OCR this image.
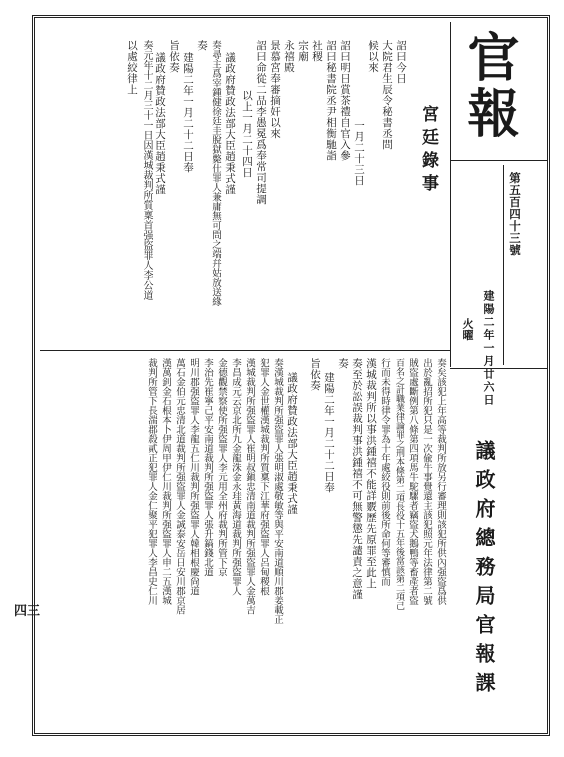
官報
第五百四十三號
建陽二年一月廿六日
火曜
議政府總務局官報課
宮廷錄事
詔曰今日
大院君生辰令秘書丞問
候以來
一月二十三日
詔曰明日賞茶禮自官入參
詔曰秘書院丞尹相衡馳詣
社稷
宗廟
永禧殿
景慕宮奉審摘奸以來
詔曰命從二品李愚冕爲奉常司提調
以上一月二十四日
議政府贊政法部大臣趙秉式謹
奏尋主爲宰鍾健徐廷圭脫獄斃仕罪人兼庸無可問之端幷姑放送緣
奏
建陽二年一月二十二日奉
旨依奏
議政府贊政法部大臣趙秉式謹
奏元年十二月三十一日因漢城裁判所質稟首强盜罪人李公道
以處絞律上
奏矣該犯上年高等裁判所放另行審理則該犯所供內强盜爲供
出於亂招所犯只是一次偸牛事覺還主該犯照元年法律第二號
賊盜處斷例第八條第四項馬牛駝騾者竊盜犬鵝鴨等畜產者盜
百名之計職業律論罪之刑本條第二項長役十五年後當該第二項己
行而未得時律令罪為十年處絞役則前後所命何等審慎而
漢城裁判所以事洪鍾禧不能詳覈歷先原罪至此上
奏至於訟誤裁判事洪鍾禧不可無警懲先譴責之意謹
奏
建陽二年一月二十二日奉
旨依奏
議政府贊政法部大臣趙秉式謹
奏漢城裁判所强盜罪人張明淑處敬敏等與平安南道順川郡姜載正
犯罪人金世權漢城裁判所質稟下江華府强盜罪人呂甸稷根
漢城裁判所强盜罪人崔明叔鎭忠清南道裁判所强盜罪人金萬吉
李昌成元云京北所九金龍洙金永珪黃海道裁判所强盜罪人
金德觀禁察使所强盜罪人李元用全州府裁判所管下京
李治先崔寧己平安南道裁判所强盜罪人張升鎬錢北道
明川郡强盜罪人李龍五仁川裁判所强盜罪人韓相根慶尙道
萬石金伯元忠清北道裁判所强盜罪人金誠泰安岳日安川郡京居
漢萬釗金石根本卜伊周甲伊仁川裁判所强盜罪人申二五漢城
裁判所管下長湍郡殺貳正犯罪人金仁聚平犯罪人李昌史仁川
四三
